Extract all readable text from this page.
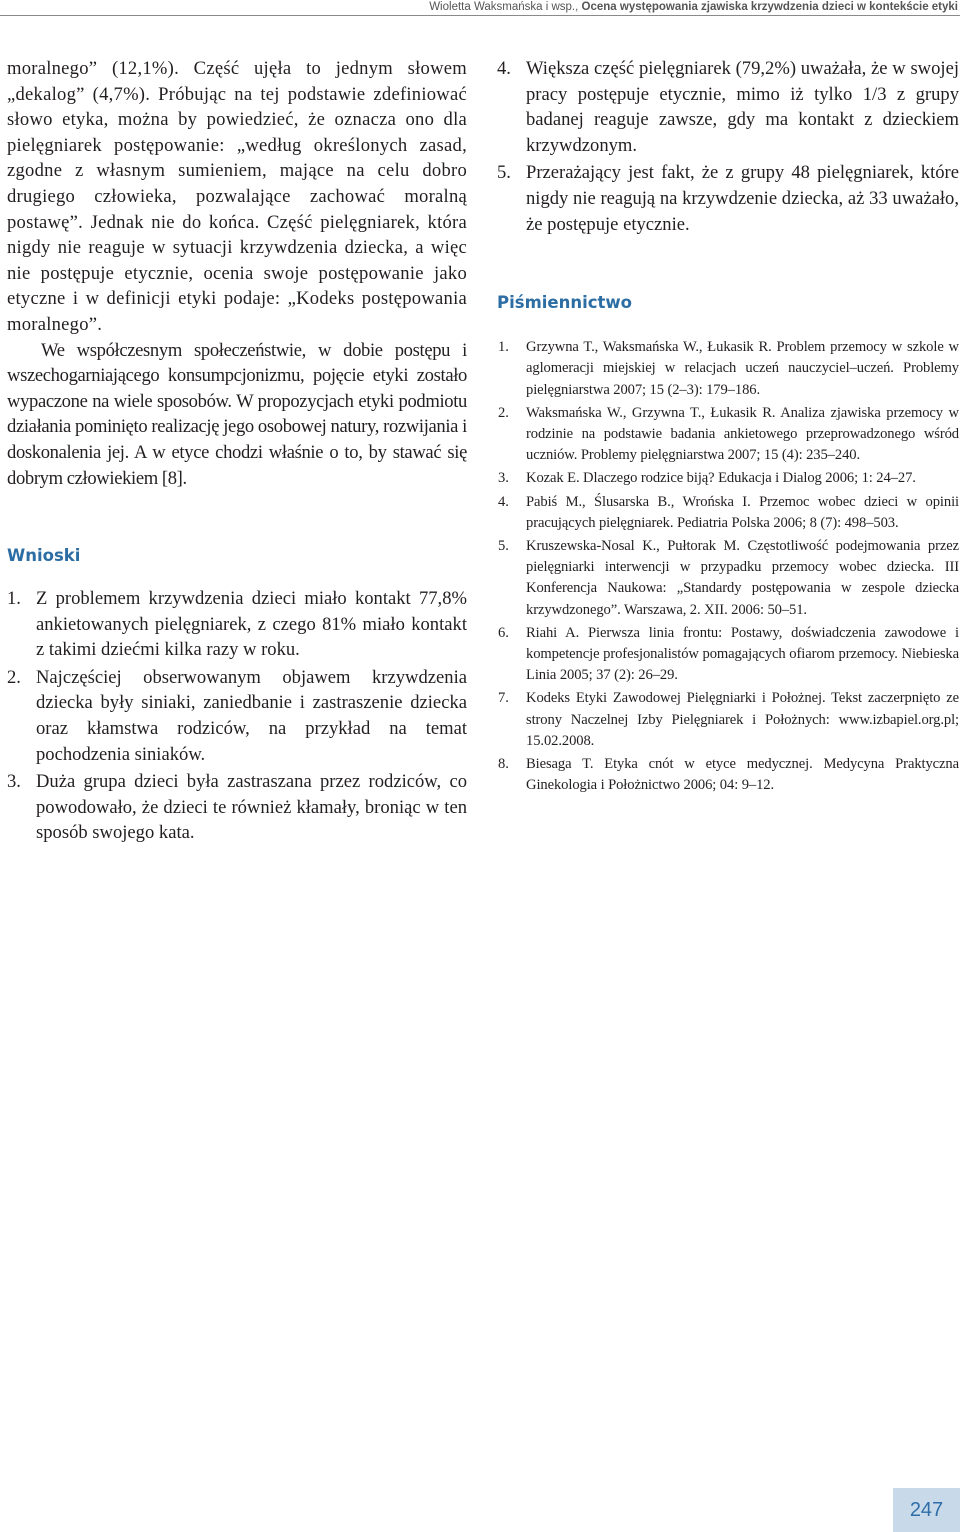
Wioletta Waksmańska i wsp., Ocena występowania zjawiska krzywdzenia dzieci w kontekście etyki

moralnego” (12,1%). Część ujęła to jednym słowem „dekalog” (4,7%). Próbując na tej podstawie zdefiniować słowo etyka, można by powiedzieć, że oznacza ono dla pielęgniarek postępowanie: „według określonych zasad, zgodne z własnym sumieniem, mające na celu dobro drugiego człowieka, pozwalające zachować moralną postawę”. Jednak nie do końca. Część pielęgniarek, która nigdy nie reaguje w sytuacji krzywdzenia dziecka, a więc nie postępuje etycznie, ocenia swoje postępowanie jako etyczne i w definicji etyki podaje: „Kodeks postępowania moralnego”.

We współczesnym społeczeństwie, w dobie postępu i wszechogarniającego konsumpcjonizmu, pojęcie etyki zostało wypaczone na wiele sposobów. W propozycjach etyki podmiotu działania pominięto realizację jego osobowej natury, rozwijania i doskonalenia jej. A w etyce chodzi właśnie o to, by stawać się dobrym człowiekiem [8].

Wnioski
1. Z problemem krzywdzenia dzieci miało kontakt 77,8% ankietowanych pielęgniarek, z czego 81% miało kontakt z takimi dziećmi kilka razy w roku.
2. Najczęściej obserwowanym objawem krzywdzenia dziecka były siniaki, zaniedbanie i zastraszenie dziecka oraz kłamstwa rodziców, na przykład na temat pochodzenia siniaków.
3. Duża grupa dzieci była zastraszana przez rodziców, co powodowało, że dzieci te również kłamały, broniąc w ten sposób swojego kata.
4. Większa część pielęgniarek (79,2%) uważała, że w swojej pracy postępuje etycznie, mimo iż tylko 1/3 z grupy badanej reaguje zawsze, gdy ma kontakt z dzieckiem krzywdzonym.
5. Przerażający jest fakt, że z grupy 48 pielęgniarek, które nigdy nie reagują na krzywdzenie dziecka, aż 33 uważało, że postępuje etycznie.
Piśmiennictwo
1. Grzywna T., Waksmańska W., Łukasik R. Problem przemocy w szkole w aglomeracji miejskiej w relacjach uczeń nauczyciel–uczeń. Problemy pielęgniarstwa 2007; 15 (2–3): 179–186.
2. Waksmańska W., Grzywna T., Łukasik R. Analiza zjawiska przemocy w rodzinie na podstawie badania ankietowego przeprowadzonego wśród uczniów. Problemy pielęgniarstwa 2007; 15 (4): 235–240.
3. Kozak E. Dlaczego rodzice biją? Edukacja i Dialog 2006; 1: 24–27.
4. Pabiś M., Ślusarska B., Wrońska I. Przemoc wobec dzieci w opinii pracujących pielęgniarek. Pediatria Polska 2006; 8 (7): 498–503.
5. Kruszewska-Nosal K., Pułtorak M. Częstotliwość podejmowania przez pielęgniarki interwencji w przypadku przemocy wobec dziecka. III Konferencja Naukowa: „Standardy postępowania w zespole dziecka krzywdzonego”. Warszawa, 2. XII. 2006: 50–51.
6. Riahi A. Pierwsza linia frontu: Postawy, doświadczenia zawodowe i kompetencje profesjonalistów pomagających ofiarom przemocy. Niebieska Linia 2005; 37 (2): 26–29.
7. Kodeks Etyki Zawodowej Pielęgniarki i Położnej. Tekst zaczerpnięto ze strony Naczelnej Izby Pielęgniarek i Położnych: www.izbapiel.org.pl; 15.02.2008.
8. Biesaga T. Etyka cnót w etyce medycznej. Medycyna Praktyczna Ginekologia i Położnictwo 2006; 04: 9–12.
247
